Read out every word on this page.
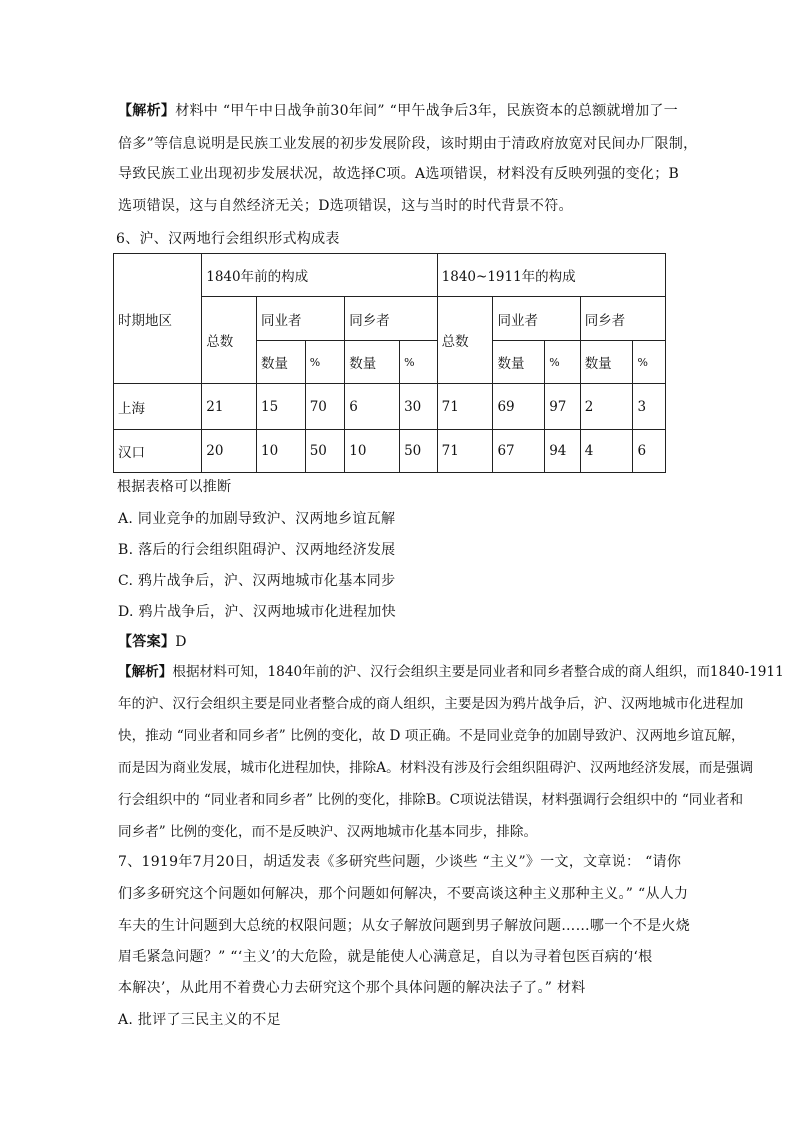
【解析】材料中 “甲午中日战争前30年间” “甲午战争后3年，民族资本的总额就增加了一
倍多”等信息说明是民族工业发展的初步发展阶段，该时期由于清政府放宽对民间办厂限制，
导致民族工业出现初步发展状况，故选择C项。A选项错误，材料没有反映列强的变化；B
选项错误，这与自然经济无关；D选项错误，这与当时的时代背景不符。
6、沪、汉两地行会组织形式构成表
时期地区	1840年前的构成					1840~1911年的构成				
	总数	同业者		同乡者		总数	同业者		同乡者	
		数量	%	数量	%		数量	%	数量	%
上海	21	15	70	6	30	71	69	97	2	3
汉口	20	10	50	10	50	71	67	94	4	6
根据表格可以推断
A. 同业竞争的加剧导致沪、汉两地乡谊瓦解
B. 落后的行会组织阻碍沪、汉两地经济发展
C. 鸦片战争后，沪、汉两地城市化基本同步
D. 鸦片战争后，沪、汉两地城市化进程加快
【答案】D
【解析】根据材料可知，1840年前的沪、汉行会组织主要是同业者和同乡者整合成的商人组织，而1840-1911
年的沪、汉行会组织主要是同业者整合成的商人组织，主要是因为鸦片战争后，沪、汉两地城市化进程加
快，推动 “同业者和同乡者” 比例的变化，故 D 项正确。不是同业竞争的加剧导致沪、汉两地乡谊瓦解，
而是因为商业发展，城市化进程加快，排除A。材料没有涉及行会组织阻碍沪、汉两地经济发展，而是强调
行会组织中的 “同业者和同乡者” 比例的变化，排除B。C项说法错误，材料强调行会组织中的 “同业者和
同乡者” 比例的变化，而不是反映沪、汉两地城市化基本同步，排除。
7、1919年7月20日，胡适发表《多研究些问题，少谈些 “主义”》一文，文章说： “请你
们多多研究这个问题如何解决，那个问题如何解决，不要高谈这种主义那种主义。” “从人力
车夫的生计问题到大总统的权限问题；从女子解放问题到男子解放问题……哪一个不是火烧
眉毛紧急问题？” “‘主义’的大危险，就是能使人心满意足，自以为寻着包医百病的‘根
本解决’，从此用不着费心力去研究这个那个具体问题的解决法子了。” 材料
A. 批评了三民主义的不足
